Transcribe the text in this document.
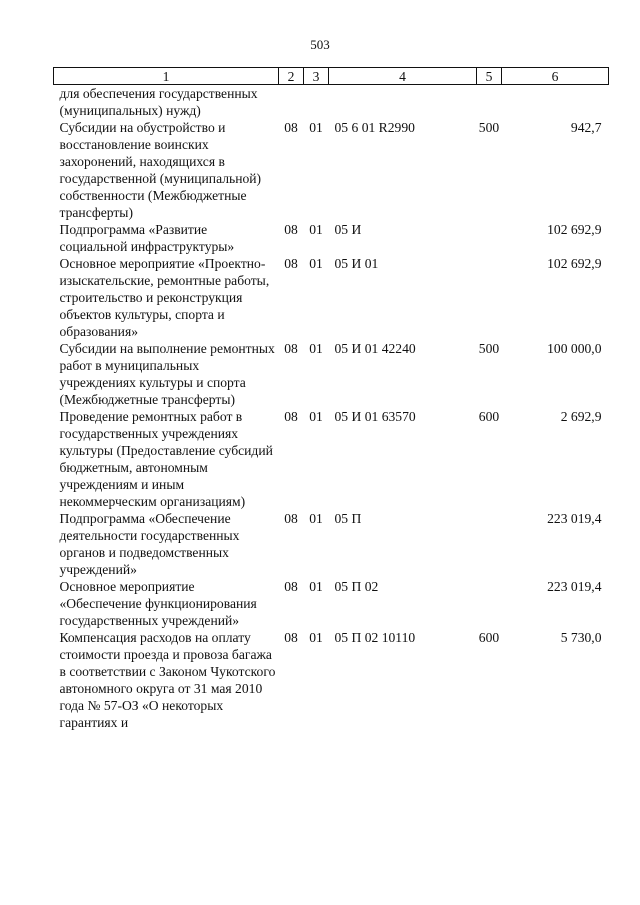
503
1	2	3	4	5	6
для обеспечения государственных (муниципальных) нужд)					
Субсидии на обустройство и восстановление воинских захоронений, находящихся в государственной (муниципальной) собственности (Межбюджетные трансферты)	08	01	05 6 01 R2990	500	942,7
Подпрограмма «Развитие социальной инфраструктуры»	08	01	05 И		102 692,9
Основное мероприятие «Проектно-изыскательские, ремонтные работы, строительство и реконструкция объектов культуры, спорта и образования»	08	01	05 И 01		102 692,9
Субсидии на выполнение ремонтных работ в муниципальных учреждениях культуры и спорта (Межбюджетные трансферты)	08	01	05 И 01 42240	500	100 000,0
Проведение ремонтных работ в государственных учреждениях культуры (Предоставление субсидий бюджетным, автономным учреждениям и иным некоммерческим организациям)	08	01	05 И 01 63570	600	2 692,9
Подпрограмма «Обеспечение деятельности государственных органов и подведомственных учреждений»	08	01	05 П		223 019,4
Основное мероприятие «Обеспечение функционирования государственных учреждений»	08	01	05 П 02		223 019,4
Компенсация расходов на оплату стоимости проезда и провоза багажа в соответствии с Законом Чукотского автономного округа от 31 мая 2010 года № 57-ОЗ «О некоторых гарантиях и	08	01	05 П 02 10110	600	5 730,0
